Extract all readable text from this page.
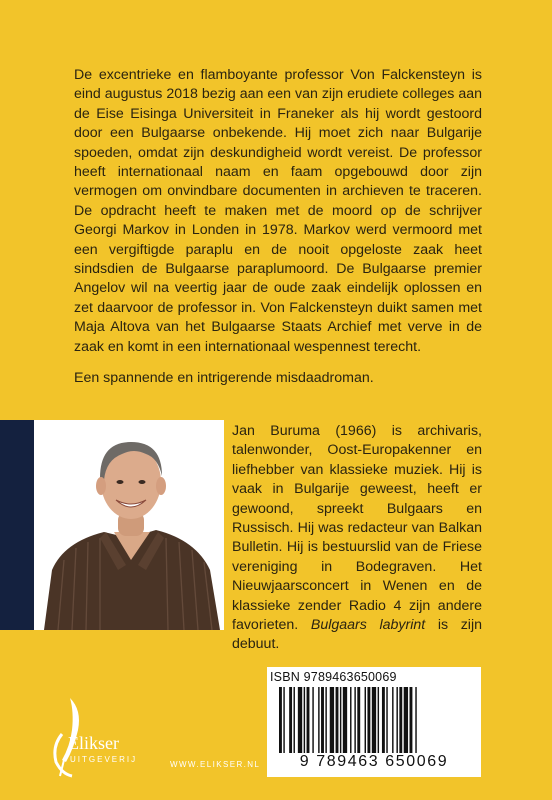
De excentrieke en flamboyante professor Von Falckensteyn is eind augustus 2018 bezig aan een van zijn erudiete colleges aan de Eise Eisinga Universiteit in Franeker als hij wordt gestoord door een Bulgaarse onbekende. Hij moet zich naar Bulgarije spoeden, omdat zijn deskundigheid wordt vereist. De professor heeft internationaal naam en faam opgebouwd door zijn vermogen om onvindbare documenten in archieven te traceren. De opdracht heeft te maken met de moord op de schrijver Georgi Markov in Londen in 1978. Markov werd vermoord met een vergiftigde paraplu en de nooit opgeloste zaak heet sindsdien de Bulgaarse paraplumoord. De Bulgaarse premier Angelov wil na veertig jaar de oude zaak eindelijk oplossen en zet daarvoor de professor in. Von Falckensteyn duikt samen met Maja Altova van het Bulgaarse Staats Archief met verve in de zaak en komt in een internationaal wespennest terecht.

Een spannende en intrigerende misdaadroman.

Jan Buruma (1966) is archivaris, talenwonder, Oost-Europakenner en liefhebber van klassieke muziek. Hij is vaak in Bulgarije geweest, heeft er gewoond, spreekt Bulgaars en Russisch. Hij was redacteur van Balkan Bulletin. Hij is bestuurslid van de Friese vereniging in Bodegraven. Het Nieuwjaarsconcert in Wenen en de klassieke zender Radio 4 zijn andere favorieten. Bulgaars labyrint is zijn debuut.

ISBN 9789463650069
9 789463 650069
Elikser
UITGEVERIJ
WWW.ELIKSER.NL
